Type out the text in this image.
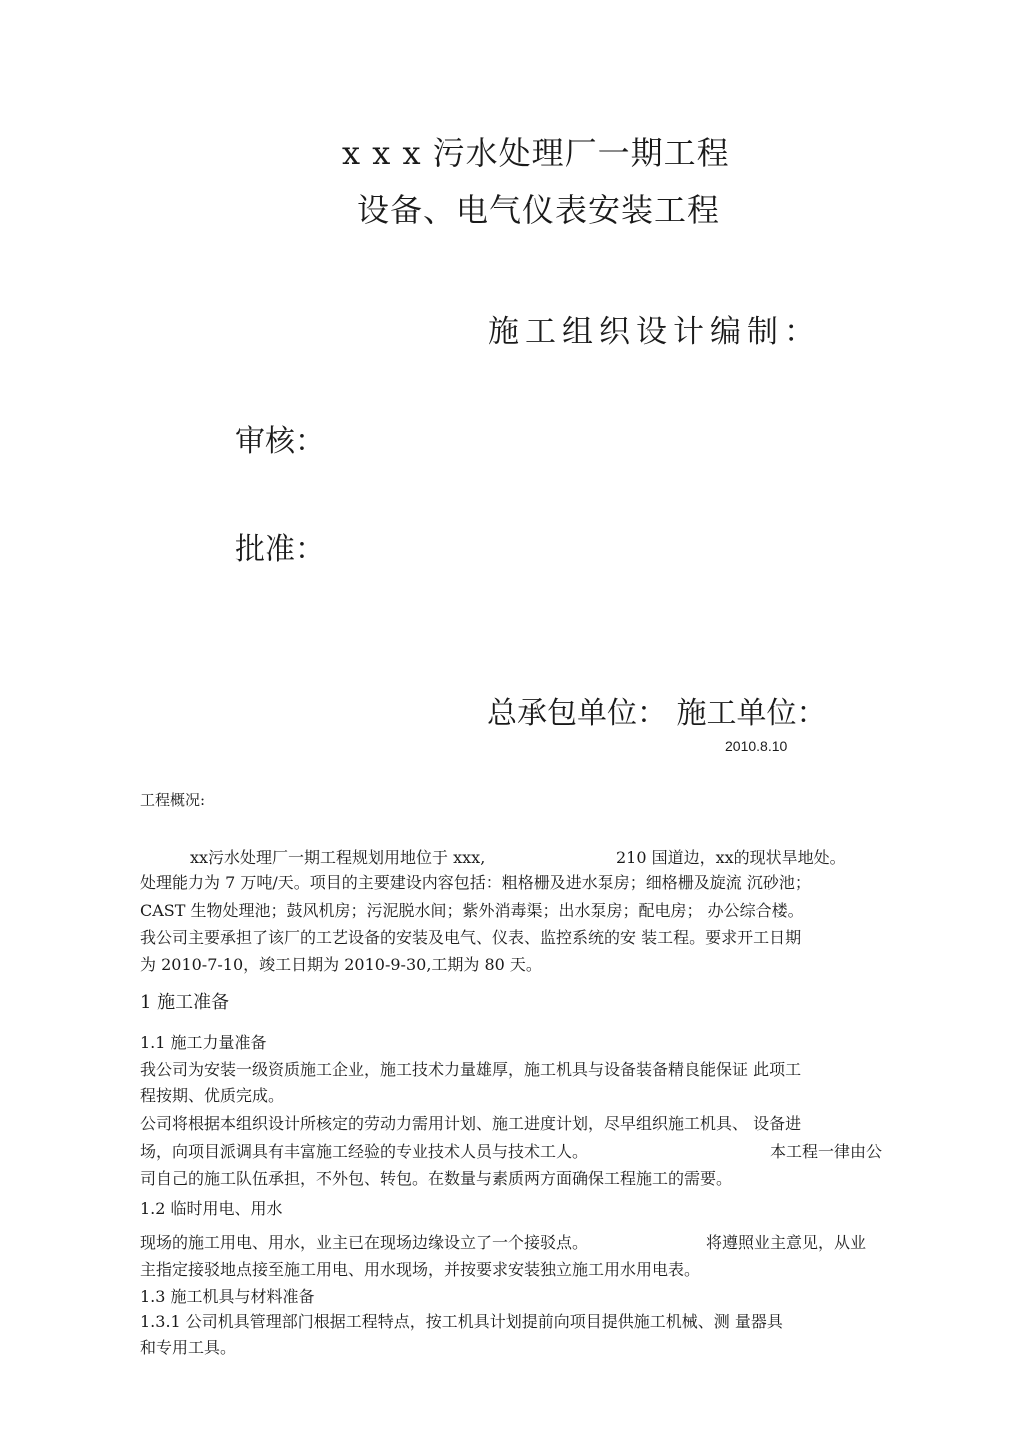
x x x 污水处理厂一期工程
设备、电气仪表安装工程
施工组织设计编制：
审核：
批准：
总承包单位： 施工单位：
2010.8.10
工程概况:
xx污水处理厂一期工程规划用地位于 xxx,	210 国道边，xx的现状旱地处。
处理能力为 7 万吨/天。项目的主要建设内容包括：粗格栅及进水泵房；细格栅及旋流 沉砂池；
CAST 生物处理池；鼓风机房；污泥脱水间；紫外消毒渠；出水泵房；配电房； 办公综合楼。
我公司主要承担了该厂的工艺设备的安装及电气、仪表、监控系统的安 装工程。要求开工日期
为 2010-7-10，竣工日期为 2010-9-30,工期为 80 天。
1 施工准备
1.1 施工力量准备
我公司为安装一级资质施工企业，施工技术力量雄厚，施工机具与设备装备精良能保证 此项工
程按期、优质完成。
公司将根据本组织设计所核定的劳动力需用计划、施工进度计划，尽早组织施工机具、 设备进
场，向项目派调具有丰富施工经验的专业技术人员与技术工人。	本工程一律由公
司自己的施工队伍承担，不外包、转包。在数量与素质两方面确保工程施工的需要。
1.2 临时用电、用水
现场的施工用电、用水，业主已在现场边缘设立了一个接驳点。	将遵照业主意见，从业
主指定接驳地点接至施工用电、用水现场，并按要求安装独立施工用水用电表。
1.3 施工机具与材料准备
1.3.1 公司机具管理部门根据工程特点，按工机具计划提前向项目提供施工机械、测 量器具
和专用工具。
